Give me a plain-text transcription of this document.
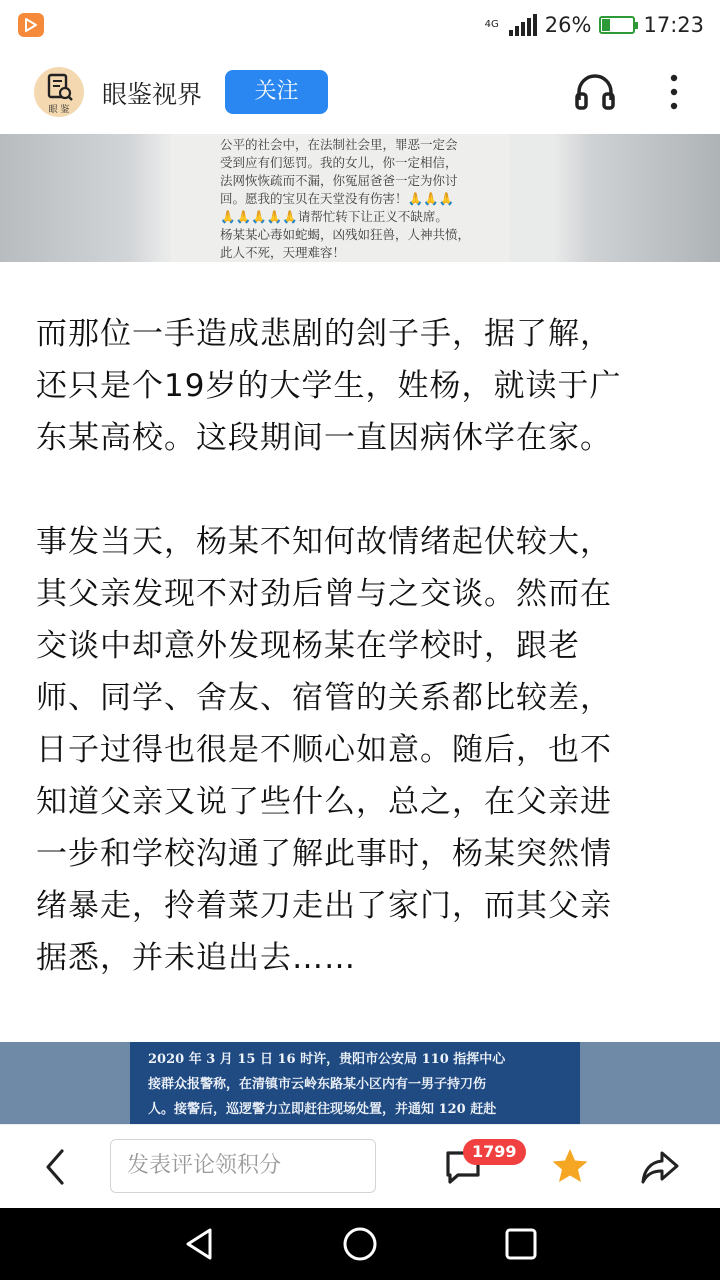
4G 26% 17:23
眼 鉴
眼鉴视界	关注
公平的社会中，在法制社会里，罪恶一定会
受到应有们惩罚。我的女儿，你一定相信，
法网恢恢疏而不漏，你冤屈爸爸一定为你讨
回。愿我的宝贝在天堂没有伤害！🙏🙏🙏
🙏🙏🙏🙏🙏请帮忙转下让正义不缺席。
杨某某心毒如蛇蝎，凶残如狂兽，人神共愤，
此人不死，天理难容！

而那位一手造成悲剧的刽子手，据了解，

还只是个19岁的大学生，姓杨，就读于广

东某高校。这段期间一直因病休学在家。

事发当天，杨某不知何故情绪起伏较大，

其父亲发现不对劲后曾与之交谈。然而在

交谈中却意外发现杨某在学校时，跟老

师、同学、舍友、宿管的关系都比较差，

日子过得也很是不顺心如意。随后，也不

知道父亲又说了些什么，总之，在父亲进

一步和学校沟通了解此事时，杨某突然情

绪暴走，拎着菜刀走出了家门，而其父亲

据悉，并未追出去……

2020 年 3 月 15 日 16 时许，贵阳市公安局 110 指挥中心
接群众报警称，在清镇市云岭东路某小区内有一男子持刀伤
人。接警后，巡逻警力立即赶往现场处置，并通知 120 赶赴
发表评论领积分
1799
